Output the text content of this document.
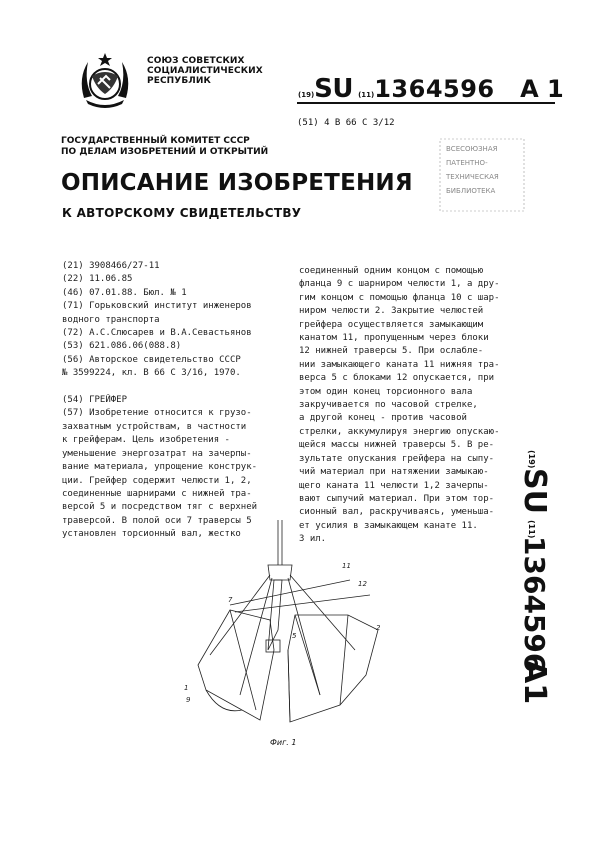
СОЮЗ СОВЕТСКИХ
СОЦИАЛИСТИЧЕСКИХ
РЕСПУБЛИК
(19)SU (11)1364596 A 1
(51) 4 B 66 C 3/12
ГОСУДАРСТВЕННЫЙ КОМИТЕТ СССР
ПО ДЕЛАМ ИЗОБРЕТЕНИЙ И ОТКРЫТИЙ	ВСЕСОЮЗНАЯ
ПАТЕНТНО-
ТЕХНИЧЕСКАЯ
БИБЛИОТЕКА
ОПИСАНИЕ ИЗОБРЕТЕНИЯ
К АВТОРСКОМУ СВИДЕТЕЛЬСТВУ
(21) 3908466/27-11
(22) 11.06.85
(46) 07.01.88. Бюл. № 1
(71) Горьковский институт инженеров
водного транспорта
(72) А.С.Слюсарев и В.А.Севастьянов
(53) 621.086.06(088.8)
(56) Авторское свидетельство СССР
№ 3599224, кл. B 66 C 3/16, 1970.

(54) ГРЕЙФЕР
(57) Изобретение относится к грузо-
захватным устройствам, в частности
к грейферам. Цель изобретения -
уменьшение энергозатрат на зачерпы-
вание материала, упрощение конструк-
ции. Грейфер содержит челюсти 1, 2,
соединенные шарнирами с нижней тра-
версой 5 и посредством тяг с верхней
траверсой. В полой оси 7 траверсы 5
установлен торсионный вал, жестко
соединенный одним концом с помощью
фланца 9 с шарниром челюсти 1, а дру-
гим концом с помощью фланца 10 с шар-
ниром челюсти 2. Закрытие челюстей
грейфера осуществляется замыкающим
канатом 11, пропущенным через блоки
12 нижней траверсы 5. При ослабле-
нии замыкающего каната 11 нижняя тра-
верса 5 с блоками 12 опускается, при
этом один конец торсионного вала
закручивается по часовой стрелке,
а другой конец - против часовой
стрелки, аккумулируя энергию опускаю-
щейся массы нижней траверсы 5. В ре-
зультате опускания грейфера на сыпу-
чий материал при натяжении замыкаю-
щего каната 11 челюсти 1,2 зачерпы-
вают сыпучий материал. При этом тор-
сионный вал, раскручиваясь, уменьша-
ет усилия в замыкающем канате 11.
3 ил.
(19)
SU
(11)
1364596
A1
11
12
2
5
1
9
7
Фиг. 1
